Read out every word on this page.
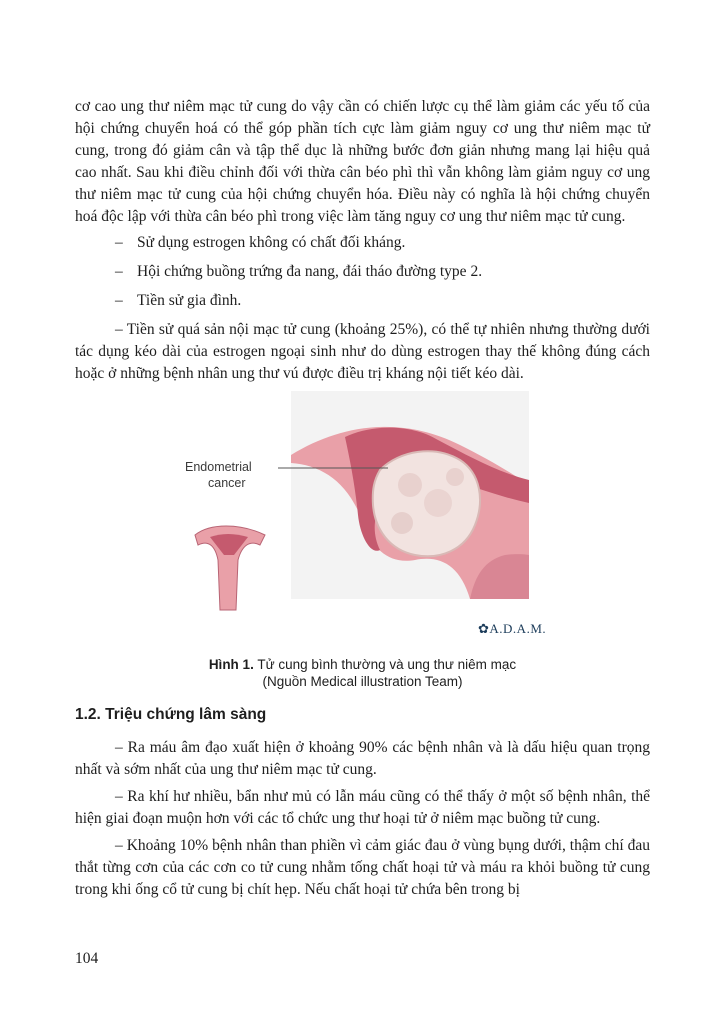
cơ cao ung thư niêm mạc tử cung do vậy cần có chiến lược cụ thể làm giảm các yếu tố của hội chứng chuyển hoá có thể góp phần tích cực làm giảm nguy cơ ung thư niêm mạc tử cung, trong đó giảm cân và tập thể dục là những bước đơn giản nhưng mang lại hiệu quả cao nhất. Sau khi điều chỉnh đối với thừa cân béo phì thì vẫn không làm giảm nguy cơ ung thư niêm mạc tử cung của hội chứng chuyển hóa. Điều này có nghĩa là hội chứng chuyển hoá độc lập với thừa cân béo phì trong việc làm tăng nguy cơ ung thư niêm mạc tử cung.

– Sử dụng estrogen không có chất đối kháng.

– Hội chứng buồng trứng đa nang, đái tháo đường type 2.

– Tiền sử gia đình.

– Tiền sử quá sản nội mạc tử cung (khoảng 25%), có thể tự nhiên nhưng thường dưới tác dụng kéo dài của estrogen ngoại sinh như do dùng estrogen thay thế không đúng cách hoặc ở những bệnh nhân ung thư vú được điều trị kháng nội tiết kéo dài.

Endometrial
cancer
✿A.D.A.M.
Hình 1. Tử cung bình thường và ung thư niêm mạc
(Nguồn Medical illustration Team)
1.2. Triệu chứng lâm sàng

– Ra máu âm đạo xuất hiện ở khoảng 90% các bệnh nhân và là dấu hiệu quan trọng nhất và sớm nhất của ung thư niêm mạc tử cung.

– Ra khí hư nhiều, bẩn như mủ có lẫn máu cũng có thể thấy ở một số bệnh nhân, thể hiện giai đoạn muộn hơn với các tổ chức ung thư hoại tử ở niêm mạc buồng tử cung.

– Khoảng 10% bệnh nhân than phiền vì cảm giác đau ở vùng bụng dưới, thậm chí đau thắt từng cơn của các cơn co tử cung nhằm tống chất hoại tử và máu ra khỏi buồng tử cung trong khi ống cổ tử cung bị chít hẹp. Nếu chất hoại tử chứa bên trong bị

104
